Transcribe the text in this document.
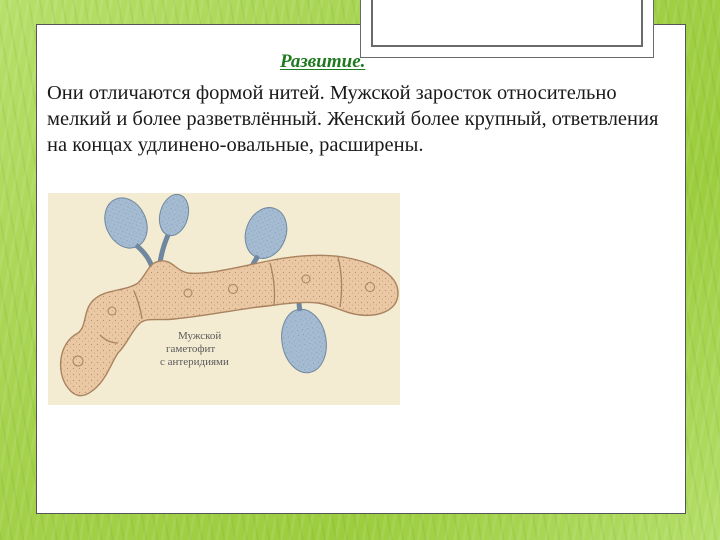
Развитие.

Они отличаются формой нитей. Мужской заросток относительно мелкий и более разветвлённый. Женский более крупный, ответвления на концах удлинено-овальные, расширены.

Мужской
гаметофит
с антеридиями
